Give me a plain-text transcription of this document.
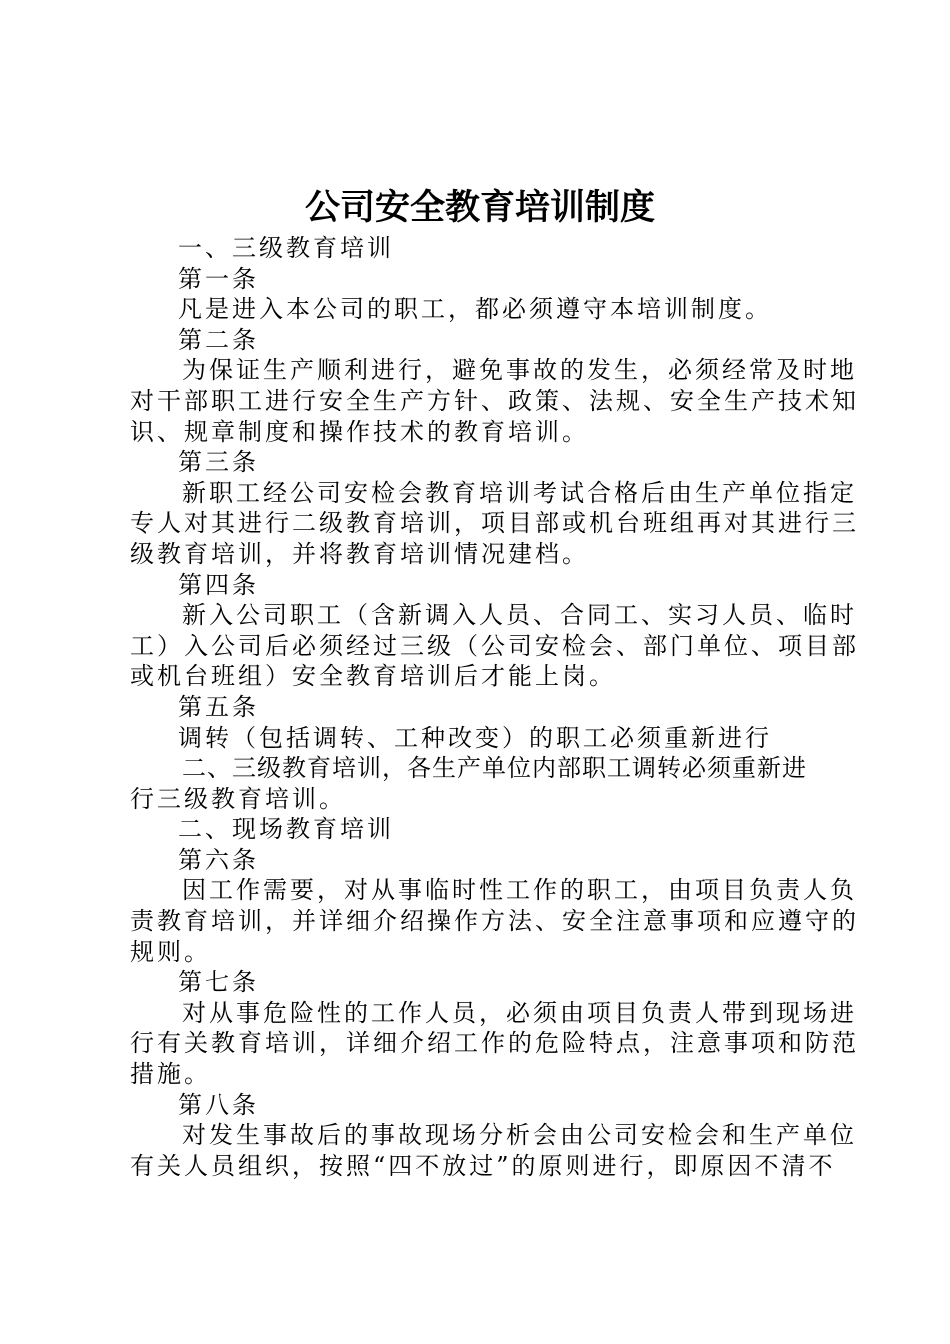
公司安全教育培训制度

一、三级教育培训

第一条

凡是进入本公司的职工，都必须遵守本培训制度。

第二条

为保证生产顺利进行，避免事故的发生，必须经常及时地

对干部职工进行安全生产方针、政策、法规、安全生产技术知

识、规章制度和操作技术的教育培训。

第三条

新职工经公司安检会教育培训考试合格后由生产单位指定

专人对其进行二级教育培训，项目部或机台班组再对其进行三

级教育培训，并将教育培训情况建档。

第四条

新入公司职工（含新调入人员、合同工、实习人员、临时

工）入公司后必须经过三级（公司安检会、部门单位、项目部

或机台班组）安全教育培训后才能上岗。

第五条

调转（包括调转、工种改变）的职工必须重新进行

二、三级教育培训，各生产单位内部职工调转必须重新进

行三级教育培训。

二、现场教育培训

第六条

因工作需要，对从事临时性工作的职工，由项目负责人负

责教育培训，并详细介绍操作方法、安全注意事项和应遵守的

规则。

第七条

对从事危险性的工作人员，必须由项目负责人带到现场进

行有关教育培训，详细介绍工作的危险特点，注意事项和防范

措施。

第八条

对发生事故后的事故现场分析会由公司安检会和生产单位

有关人员组织，按照“四不放过”的原则进行，即原因不清不
